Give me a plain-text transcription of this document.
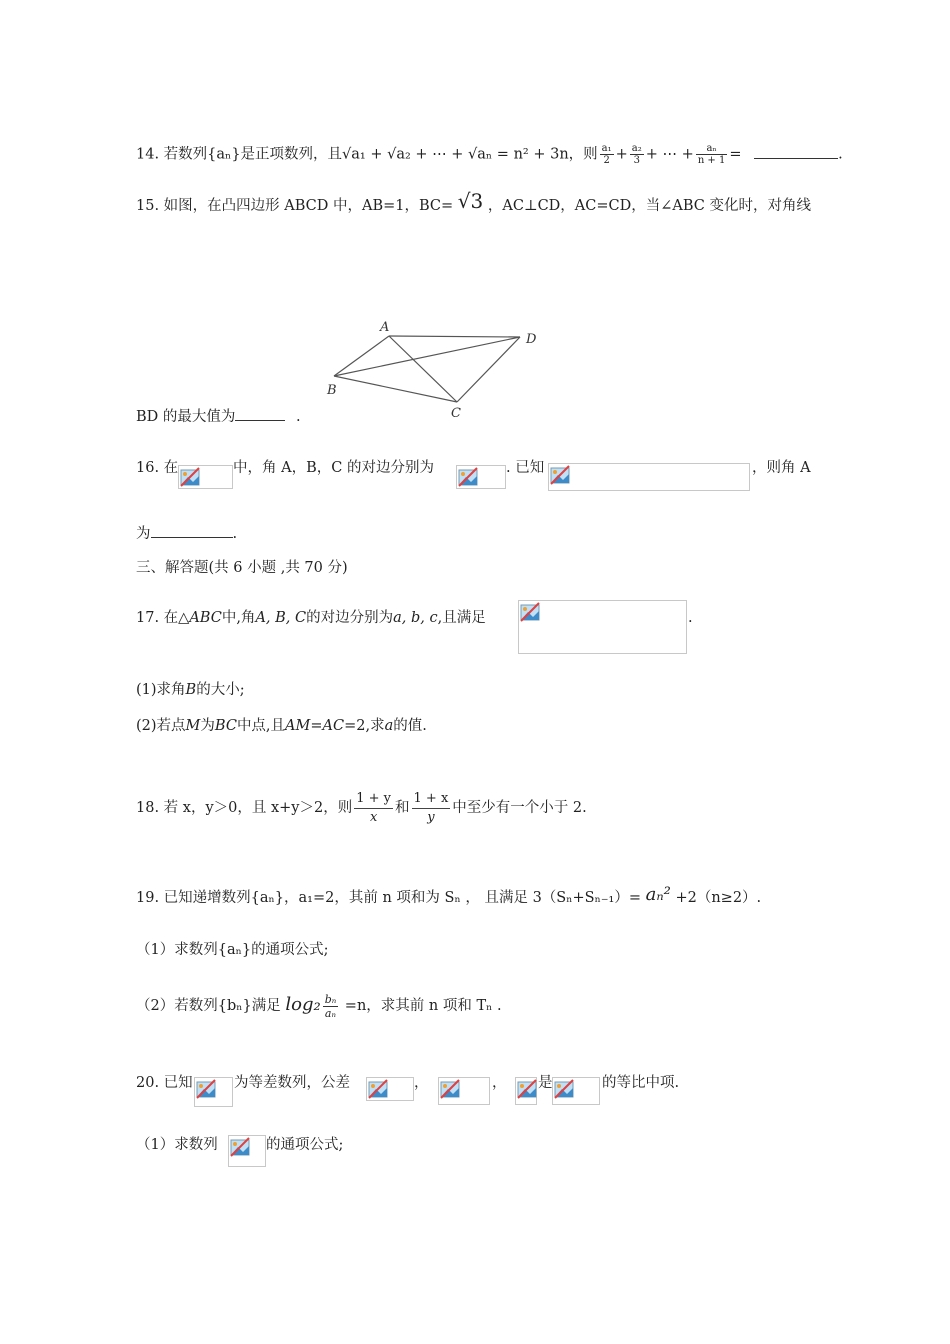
14. 若数列{aₙ}是正项数列，且√a₁ + √a₂ + ⋯ + √aₙ = n² + 3n，则 $\frac{\text{a₁}}{2} + \frac{\text{a₂}}{3}$ + ⋯ + $\frac{\text{aₙ}}{n + 1}$ =	.
15. 如图，在凸四边形 ABCD 中，AB=1，BC= √3 ，AC⊥CD，AC=CD，当∠ABC 变化时，对角线
A
B
C
D
BD 的最大值为	.
16. 在	中，角 A，B，C 的对边分别为	. 已知	，则角 A
为	.
三、解答题(共 6 小题 ,共 70 分)
17. 在△ABC中,角A, B, C的对边分别为a, b, c,且满足	.
(1)求角B的大小;
(2)若点M为BC中点,且AM=AC=2,求a的值.
18. 若 x，y＞0，且 x+y＞2，则 $\frac{1 + y}{x}$ 和 $\frac{1 + x}{y}$ 中至少有一个小于 2.
19. 已知递增数列{aₙ}，a₁=2，其前 n 项和为 Sₙ ， 且满足 3（Sₙ+Sₙ₋₁）= aₙ² +2（n≥2）.
（1）求数列{aₙ}的通项公式;
（2）若数列{bₙ}满足 $\log_2 \frac{\text{bₙ}}{\text{aₙ}} =n$，求其前 n 项和 Tₙ .
20. 已知	为等差数列，公差	，	， 是	的等比中项.
（1）求数列	的通项公式;
